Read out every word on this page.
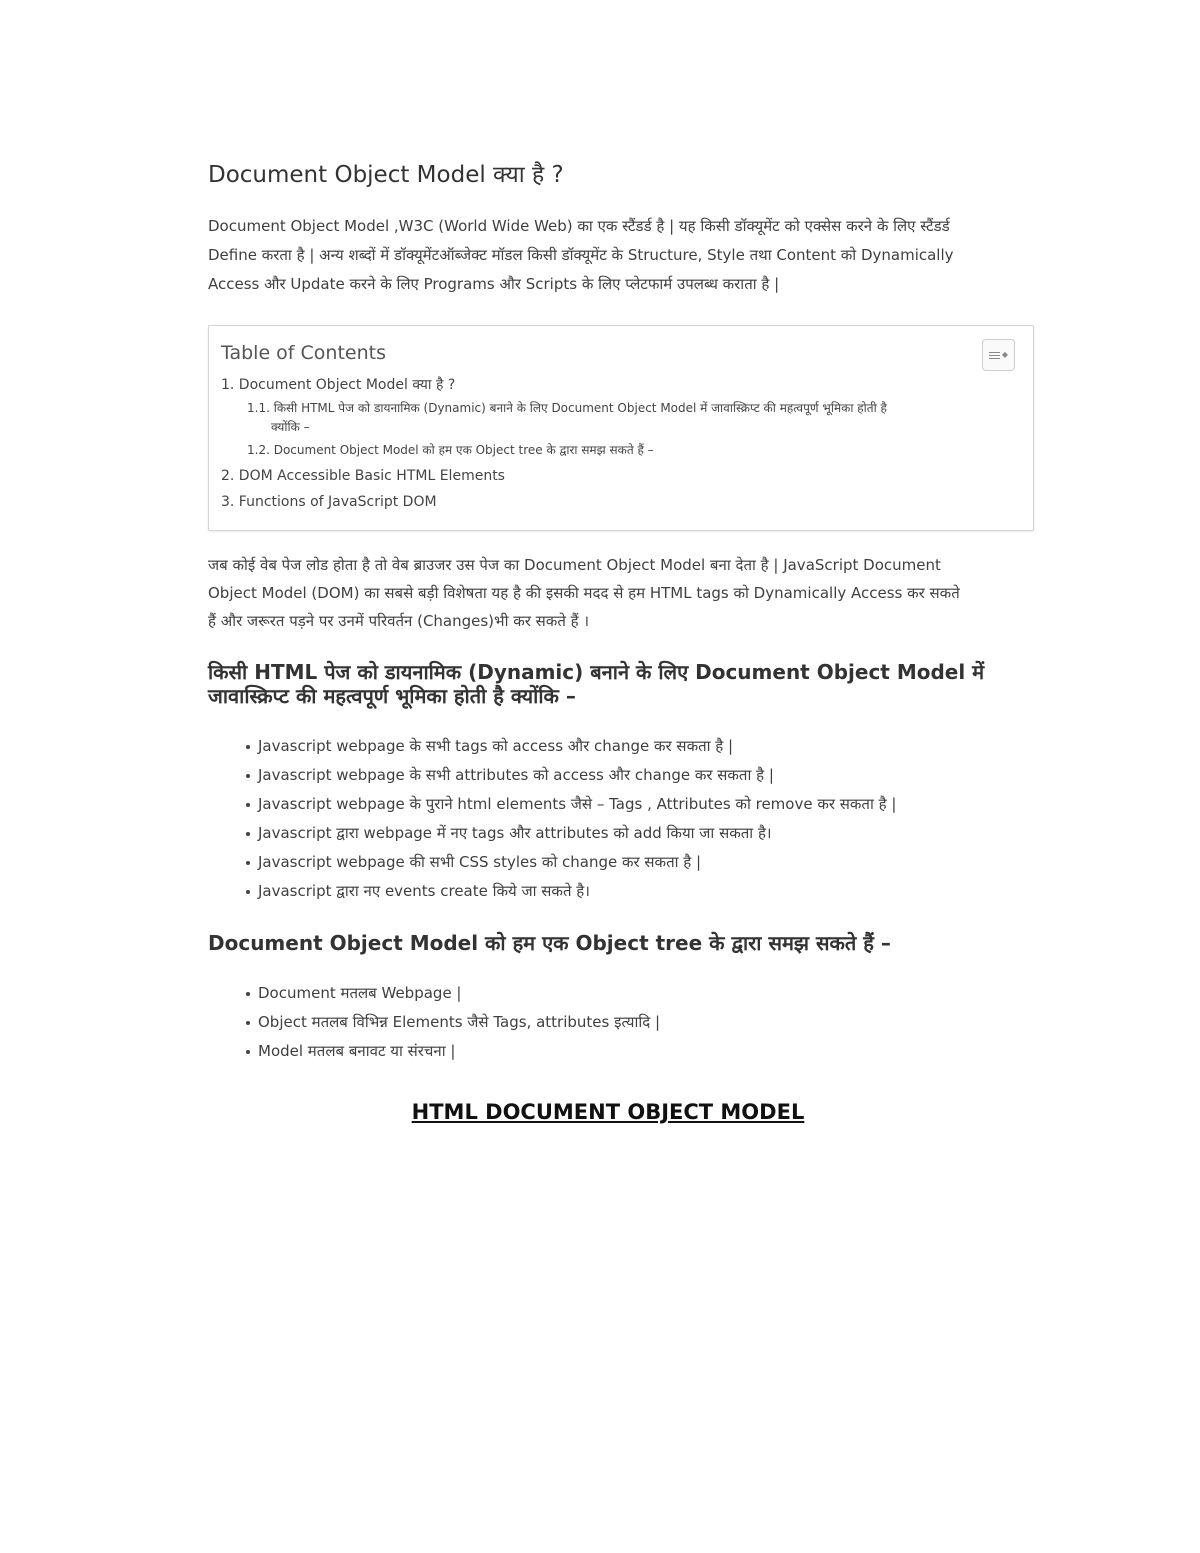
Document Object Model क्या है ?
Document Object Model ,W3C (World Wide Web) का एक स्टैंडर्ड है | यह किसी डॉक्यूमेंट को एक्सेस करने के लिए स्टैंडर्ड
Define करता है | अन्य शब्दों में डॉक्यूमेंटऑब्जेक्ट मॉडल किसी डॉक्यूमेंट के Structure, Style तथा Content को Dynamically
Access और Update करने के लिए Programs और Scripts के लिए प्लेटफार्म उपलब्ध कराता है |
Table of Contents	◆
1. Document Object Model क्या है ?
1.1. किसी HTML पेज को डायनामिक (Dynamic) बनाने के लिए Document Object Model में जावास्क्रिप्ट की महत्वपूर्ण भूमिका होती है
क्योंकि –
1.2. Document Object Model को हम एक Object tree के द्वारा समझ सकते हैं –
2. DOM Accessible Basic HTML Elements
3. Functions of JavaScript DOM
जब कोई वेब पेज लोड होता है तो वेब ब्राउजर उस पेज का Document Object Model बना देता है | JavaScript Document
Object Model (DOM) का सबसे बड़ी विशेषता यह है की इसकी मदद से हम HTML tags को Dynamically Access कर सकते
हैं और जरूरत पड़ने पर उनमें परिवर्तन (Changes)भी कर सकते हैं ।
किसी HTML पेज को डायनामिक (Dynamic) बनाने के लिए Document Object Model में
जावास्क्रिप्ट की महत्वपूर्ण भूमिका होती है क्योंकि –
Javascript webpage के सभी tags को access और change कर सकता है |
Javascript webpage के सभी attributes को access और change कर सकता है |
Javascript webpage के पुराने html elements जैसे – Tags , Attributes को remove कर सकता है |
Javascript द्वारा webpage में नए tags और attributes को add किया जा सकता है।
Javascript webpage की सभी CSS styles को change कर सकता है |
Javascript द्वारा नए events create किये जा सकते है।
Document Object Model को हम एक Object tree के द्वारा समझ सकते हैं –
Document मतलब Webpage |
Object मतलब विभिन्न Elements जैसे Tags, attributes इत्यादि |
Model मतलब बनावट या संरचना |
HTML DOCUMENT OBJECT MODEL
